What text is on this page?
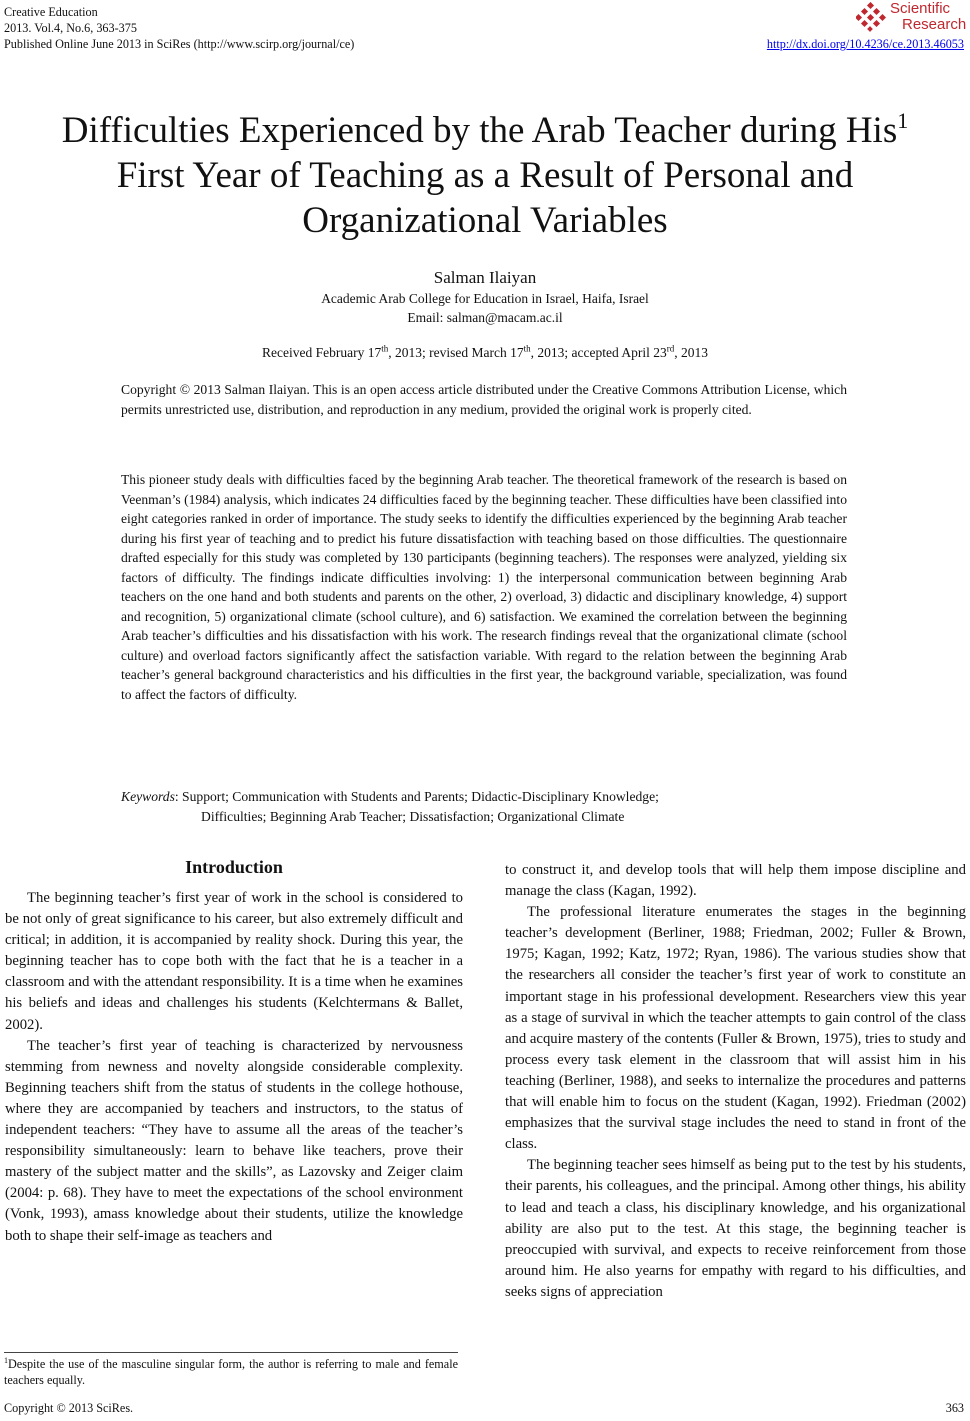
Creative Education
2013. Vol.4, No.6, 363-375
Published Online June 2013 in SciRes (http://www.scirp.org/journal/ce)
Scientific
Research
http://dx.doi.org/10.4236/ce.2013.46053
Difficulties Experienced by the Arab Teacher during His$^1$
First Year of Teaching as a Result of Personal and Organizational Variables
Salman Ilaiyan
Academic Arab College for Education in Israel, Haifa, Israel
Email: salman@macam.ac.il
Received February 17th, 2013; revised March 17th, 2013; accepted April 23rd, 2013
Copyright © 2013 Salman Ilaiyan. This is an open access article distributed under the Creative Commons Attribution License, which permits unrestricted use, distribution, and reproduction in any medium, provided the original work is properly cited.
This pioneer study deals with difficulties faced by the beginning Arab teacher. The theoretical framework of the research is based on Veenman’s (1984) analysis, which indicates 24 difficulties faced by the beginning teacher. These difficulties have been classified into eight categories ranked in order of importance. The study seeks to identify the difficulties experienced by the beginning Arab teacher during his first year of teaching and to predict his future dissatisfaction with teaching based on those difficulties. The questionnaire drafted especially for this study was completed by 130 participants (beginning teachers). The responses were analyzed, yielding six factors of difficulty. The findings indicate difficulties involving: 1) the interpersonal communication between beginning Arab teachers on the one hand and both students and parents on the other, 2) overload, 3) didactic and disciplinary knowledge, 4) support and recognition, 5) organizational climate (school culture), and 6) satisfaction. We examined the correlation between the beginning Arab teacher’s difficulties and his dissatisfaction with his work. The research findings reveal that the organizational climate (school culture) and overload factors significantly affect the satisfaction variable. With regard to the relation between the beginning Arab teacher’s general background characteristics and his difficulties in the first year, the background variable, specialization, was found to affect the factors of difficulty.
Keywords: Support; Communication with Students and Parents; Didactic-Disciplinary Knowledge;
Difficulties; Beginning Arab Teacher; Dissatisfaction; Organizational Climate
Introduction

The beginning teacher’s first year of work in the school is considered to be not only of great significance to his career, but also extremely difficult and critical; in addition, it is accompanied by reality shock. During this year, the beginning teacher has to cope both with the fact that he is a teacher in a classroom and with the attendant responsibility. It is a time when he examines his beliefs and ideas and challenges his students (Kelchtermans & Ballet, 2002).

The teacher’s first year of teaching is characterized by nervousness stemming from newness and novelty alongside considerable complexity. Beginning teachers shift from the status of students in the college hothouse, where they are accompanied by teachers and instructors, to the status of independent teachers: “They have to assume all the areas of the teacher’s responsibility simultaneously: learn to behave like teachers, prove their mastery of the subject matter and the skills”, as Lazovsky and Zeiger claim (2004: p. 68). They have to meet the expectations of the school environment (Vonk, 1993), amass knowledge about their students, utilize the knowledge both to shape their self-image as teachers and

to construct it, and develop tools that will help them impose discipline and manage the class (Kagan, 1992).

The professional literature enumerates the stages in the beginning teacher’s development (Berliner, 1988; Friedman, 2002; Fuller & Brown, 1975; Kagan, 1992; Katz, 1972; Ryan, 1986). The various studies show that the researchers all consider the teacher’s first year of work to constitute an important stage in his professional development. Researchers view this year as a stage of survival in which the teacher attempts to gain control of the class and acquire mastery of the contents (Fuller & Brown, 1975), tries to study and process every task element in the classroom that will assist him in his teaching (Berliner, 1988), and seeks to internalize the procedures and patterns that will enable him to focus on the student (Kagan, 1992). Friedman (2002) emphasizes that the survival stage includes the need to stand in front of the class.

The beginning teacher sees himself as being put to the test by his students, their parents, his colleagues, and the principal. Among other things, his ability to lead and teach a class, his disciplinary knowledge, and his organizational ability are also put to the test. At this stage, the beginning teacher is preoccupied with survival, and expects to receive reinforcement from those around him. He also yearns for empathy with regard to his difficulties, and seeks signs of appreciation

$^1$Despite the use of the masculine singular form, the author is referring to male and female teachers equally.
Copyright © 2013 SciRes.	363
